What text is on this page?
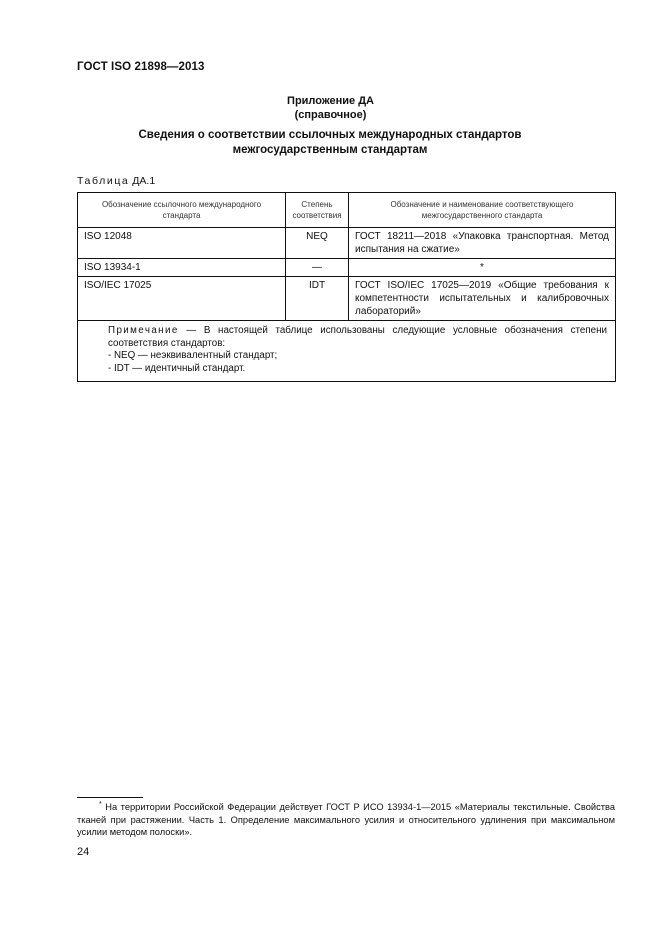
ГОСТ ISO 21898—2013
Приложение ДА
(справочное)
Сведения о соответствии ссылочных международных стандартов межгосударственным стандартам
Таблица ДА.1
Обозначение ссылочного международного стандарта	Степень соответствия	Обозначение и наименование соответствующего межгосударственного стандарта
ISO 12048	NEQ	ГОСТ 18211—2018 «Упаковка транспортная. Метод испытания на сжатие»
ISO 13934-1	—	*
ISO/IEC 17025	IDT	ГОСТ ISO/IEC 17025—2019 «Общие требования к компетентности испытательных и калибровочных лабораторий»

Примечание — В настоящей таблице использованы следующие условные обозначения степени соответствия стандартов:
- NEQ — неэквивалентный стандарт;
- IDT — идентичный стандарт.		
* На территории Российской Федерации действует ГОСТ Р ИСО 13934-1—2015 «Материалы текстильные. Свойства тканей при растяжении. Часть 1. Определение максимального усилия и относительного удлинения при максимальном усилии методом полоски».
24
